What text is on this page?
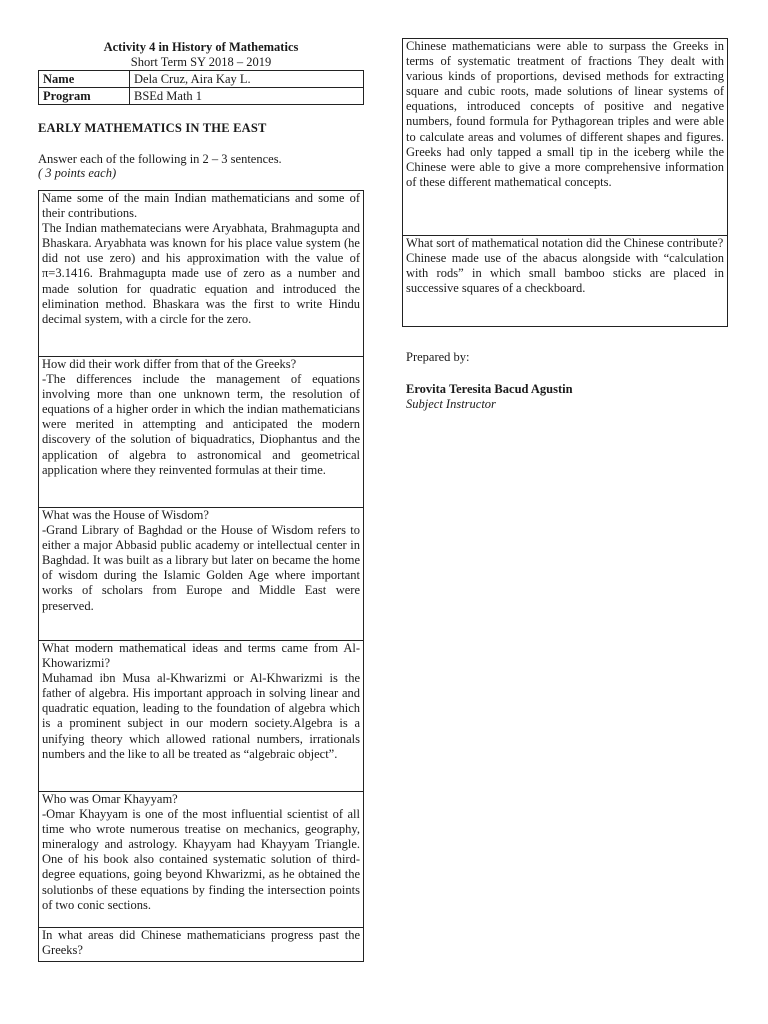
Activity 4 in History of Mathematics
Short Term SY 2018 – 2019
Name	Dela Cruz, Aira Kay L.
Program	BSEd Math 1
EARLY MATHEMATICS IN THE EAST
Answer each of the following in 2 – 3 sentences.
( 3 points each)
Name some of the main Indian mathematicians and some of their contributions.
The Indian mathematecians were Aryabhata, Brahmagupta and Bhaskara. Aryabhata was known for his place value system (he did not use zero) and his approximation with the value of π=3.1416. Brahmagupta made use of zero as a number and made solution for quadratic equation and introduced the elimination method. Bhaskara was the first to write Hindu decimal system, with a circle for the zero.
How did their work differ from that of the Greeks?
-The differences include the management of equations involving more than one unknown term, the resolution of equations of a higher order in which the indian mathematicians were merited in attempting and anticipated the modern discovery of the solution of biquadratics, Diophantus and the application of algebra to astronomical and geometrical application where they reinvented formulas at their time.
What was the House of Wisdom?
-Grand Library of Baghdad or the House of Wisdom refers to either a major Abbasid public academy or intellectual center in Baghdad. It was built as a library but later on became the home of wisdom during the Islamic Golden Age where important works of scholars from Europe and Middle East were preserved.
What modern mathematical ideas and terms came from Al-Khowarizmi?
Muhamad ibn Musa al-Khwarizmi or Al-Khwarizmi is the father of algebra. His important approach in solving linear and quadratic equation, leading to the foundation of algebra which is a prominent subject in our modern society.Algebra is a unifying theory which allowed rational numbers, irrationals numbers and the like to all be treated as “algebraic object”.
Who was Omar Khayyam?
-Omar Khayyam is one of the most influential scientist of all time who wrote numerous treatise on mechanics, geography, mineralogy and astrology. Khayyam had Khayyam Triangle. One of his book also contained systematic solution of third-degree equations, going beyond Khwarizmi, as he obtained the solutionbs of these equations by finding the intersection points of two conic sections.
In what areas did Chinese mathematicians progress past the Greeks?
Chinese mathematicians were able to surpass the Greeks in terms of systematic treatment of fractions They dealt with various kinds of proportions, devised methods for extracting square and cubic roots, made solutions of linear systems of equations, introduced concepts of positive and negative numbers, found formula for Pythagorean triples and were able to calculate areas and volumes of different shapes and figures. Greeks had only tapped a small tip in the iceberg while the Chinese were able to give a more comprehensive information of these different mathematical concepts.
What sort of mathematical notation did the Chinese contribute?
Chinese made use of the abacus alongside with “calculation with rods” in which small bamboo sticks are placed in successive squares of a checkboard.
Prepared by:
Erovita Teresita Bacud Agustin
Subject Instructor
